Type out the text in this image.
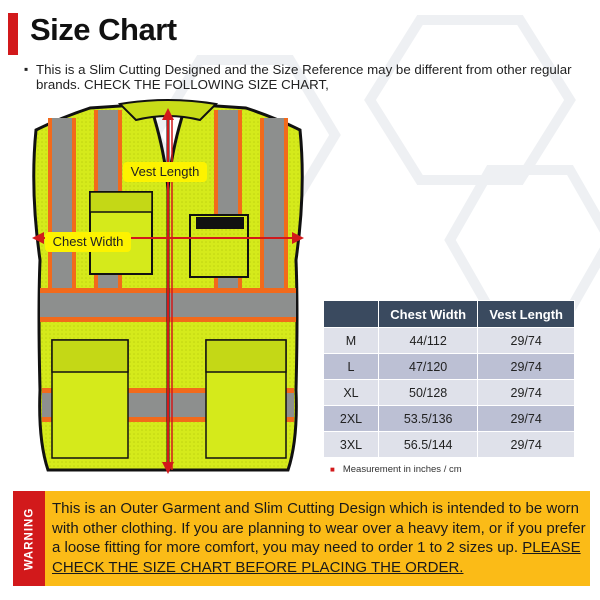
Size Chart
▪ This is a Slim Cutting Designed and the Size Reference may be different from other regular brands. CHECK THE FOLLOWING SIZE CHART,
Vest Length
Chest Width
	Chest Width	Vest Length
M	44/112	29/74
L	47/120	29/74
XL	50/128	29/74
2XL	53.5/136	29/74
3XL	56.5/144	29/74
■ Measurement in inches / cm
WARNING This is an Outer Garment and Slim Cutting Design which is intended to be worn with other clothing. If you are planning to wear over a heavy item, or if you prefer a loose fitting for more comfort, you may need to order 1 to 2 sizes up. PLEASE CHECK THE SIZE CHART BEFORE PLACING THE ORDER.
